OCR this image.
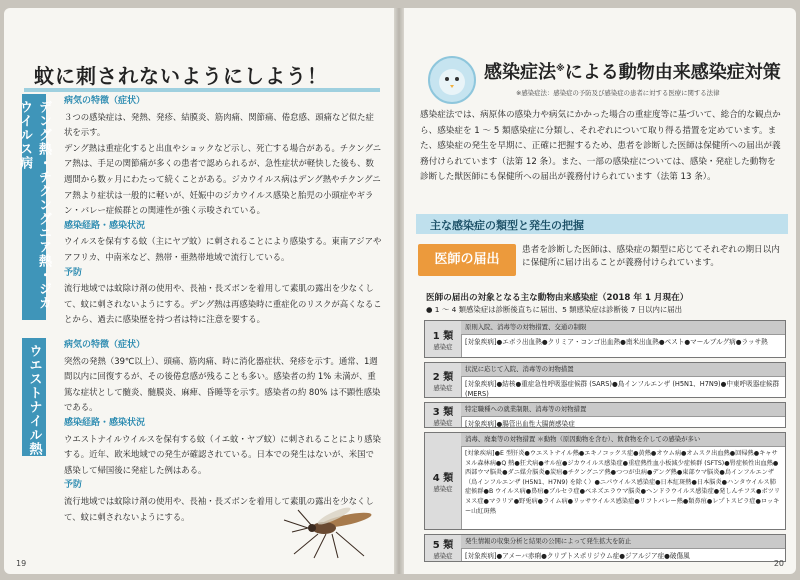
蚊に刺されないようにしよう！
デング熱・チクングニア熱・ジカウイルス病	病気の特徴（症状）

３つの感染症は、発熱、発疹、結膜炎、筋肉痛、関節痛、倦怠感、頭痛など似た症状を示す。

デング熱は重症化すると出血やショックなど示し、死亡する場合がある。チクングニア熱は、手足の関節痛が多くの患者で認められるが、急性症状が軽快した後も、数週間から数ヶ月にわたって続くことがある。ジカウイルス病はデング熱やチクングニア熱より症状は一般的に軽いが、妊娠中のジカウイルス感染と胎児の小頭症やギラン・バレー症候群との関連性が強く示唆されている。

感染経路・感染状況

ウイルスを保有する蚊（主にヤブ蚊）に刺されることにより感染する。東南アジアやアフリカ、中南米など、熱帯・亜熱帯地域で流行している。

予防

流行地域では蚊除け剤の使用や、長袖・長ズボンを着用して素肌の露出を少なくして、蚊に刺されないようにする。デング熱は再感染時に重症化のリスクが高くなることから、過去に感染歴を持つ者は特に注意を要する。

ウエストナイル熱	病気の特徴（症状）

突然の発熱（39℃以上）、頭痛、筋肉痛、時に消化器症状、発疹を示す。通常、1週間以内に回復するが、その後倦怠感が残ることも多い。感染者の約 1% 未満が、重篤な症状として髄炎、髄膜炎、麻痺、昏睡等を示す。感染者の約 80% は不顕性感染である。

感染経路・感染状況

ウエストナイルウイルスを保有する蚊（イエ蚊・ヤブ蚊）に刺されることにより感染する。近年、欧米地域での発生が確認されている。日本での発生はないが、米国で感染して帰国後に発症した例はある。

予防

流行地域では蚊除け剤の使用や、長袖・長ズボンを着用して素肌の露出を少なくして、蚊に刺されないようにする。

19
感染症法※による動物由来感染症対策
※感染症法：感染症の予防及び感染症の患者に対する医療に関する法律
感染症法では、病原体の感染力や病気にかかった場合の重症度等に基づいて、総合的な観点から、感染症を 1 ～ 5 類感染症に分類し、それぞれについて取り得る措置を定めています。また、感染症の発生を早期に、正確に把握するため、患者を診断した医師は保健所への届出が義務付けられています（法第 12 条）。また、一部の感染症については、感染・発症した動物を診断した獣医師にも保健所への届出が義務付けられています（法第 13 条）。
主な感染症の類型と発生の把握
医師の届出
患者を診断した医師は、感染症の類型に応じてそれぞれの期日以内に保健所に届け出ることが義務付けられています。
医師の届出の対象となる主な動物由来感染症（2018 年 1 月現在）
● 1 ～ 4 類感染症は診断後直ちに届出、5 類感染症は診断後 7 日以内に届出
1 類
感染症
原則入院、消毒等の対物措置、交通の制限
[対象疾病]●エボラ出血熱●クリミア・コンゴ出血熱●南米出血熱●ペスト●マールブルグ病●ラッサ熱
2 類
感染症
状況に応じて入院、消毒等の対物措置
[対象疾病]●結核●重症急性呼吸器症候群 (SARS)●鳥インフルエンザ (H5N1、H7N9)●中東呼吸器症候群 (MERS)
3 類
感染症
特定職種への就業制限、消毒等の対物措置
[対象疾病]●腸管出血性大腸菌感染症
4 類
感染症
消毒、廃棄等の対物措置 ＊動物（原因動物を含む）、飲食物を介しての感染が多い
[対象疾病]●E 型肝炎●ウエストナイル熱●エキノコックス症●黄熱●オウム病●オムスク出血熱●回帰熱●キャサヌル森林病●Q 熱●狂犬病●サル痘●ジカウイルス感染症●重症熱性血小板減少症候群 (SFTS)●腎症候性出血熱●西部ウマ脳炎●ダニ媒介脳炎●炭疽●チクングニア熱●つつが虫病●デング熱●東部ウマ脳炎●鳥インフルエンザ（鳥インフルエンザ (H5N1、H7N9) を除く）●ニパウイルス感染症●日本紅斑熱●日本脳炎●ハンタウイルス肺症候群●B ウイルス病●鼻疽●ブルセラ症●ベネズエラウマ脳炎●ヘンドラウイルス感染症●発しんチフス●ボツリヌス症●マラリア●野兎病●ライム病●リッサウイルス感染症●リフトバレー熱●類鼻疽●レプトスピラ症●ロッキー山紅斑熱
5 類
感染症
発生情報の収集分析と結果の公開によって発生拡大を防止
[対象疾病]●アメーバ赤痢●クリプトスポリジウム症●ジアルジア症●破傷風
20
